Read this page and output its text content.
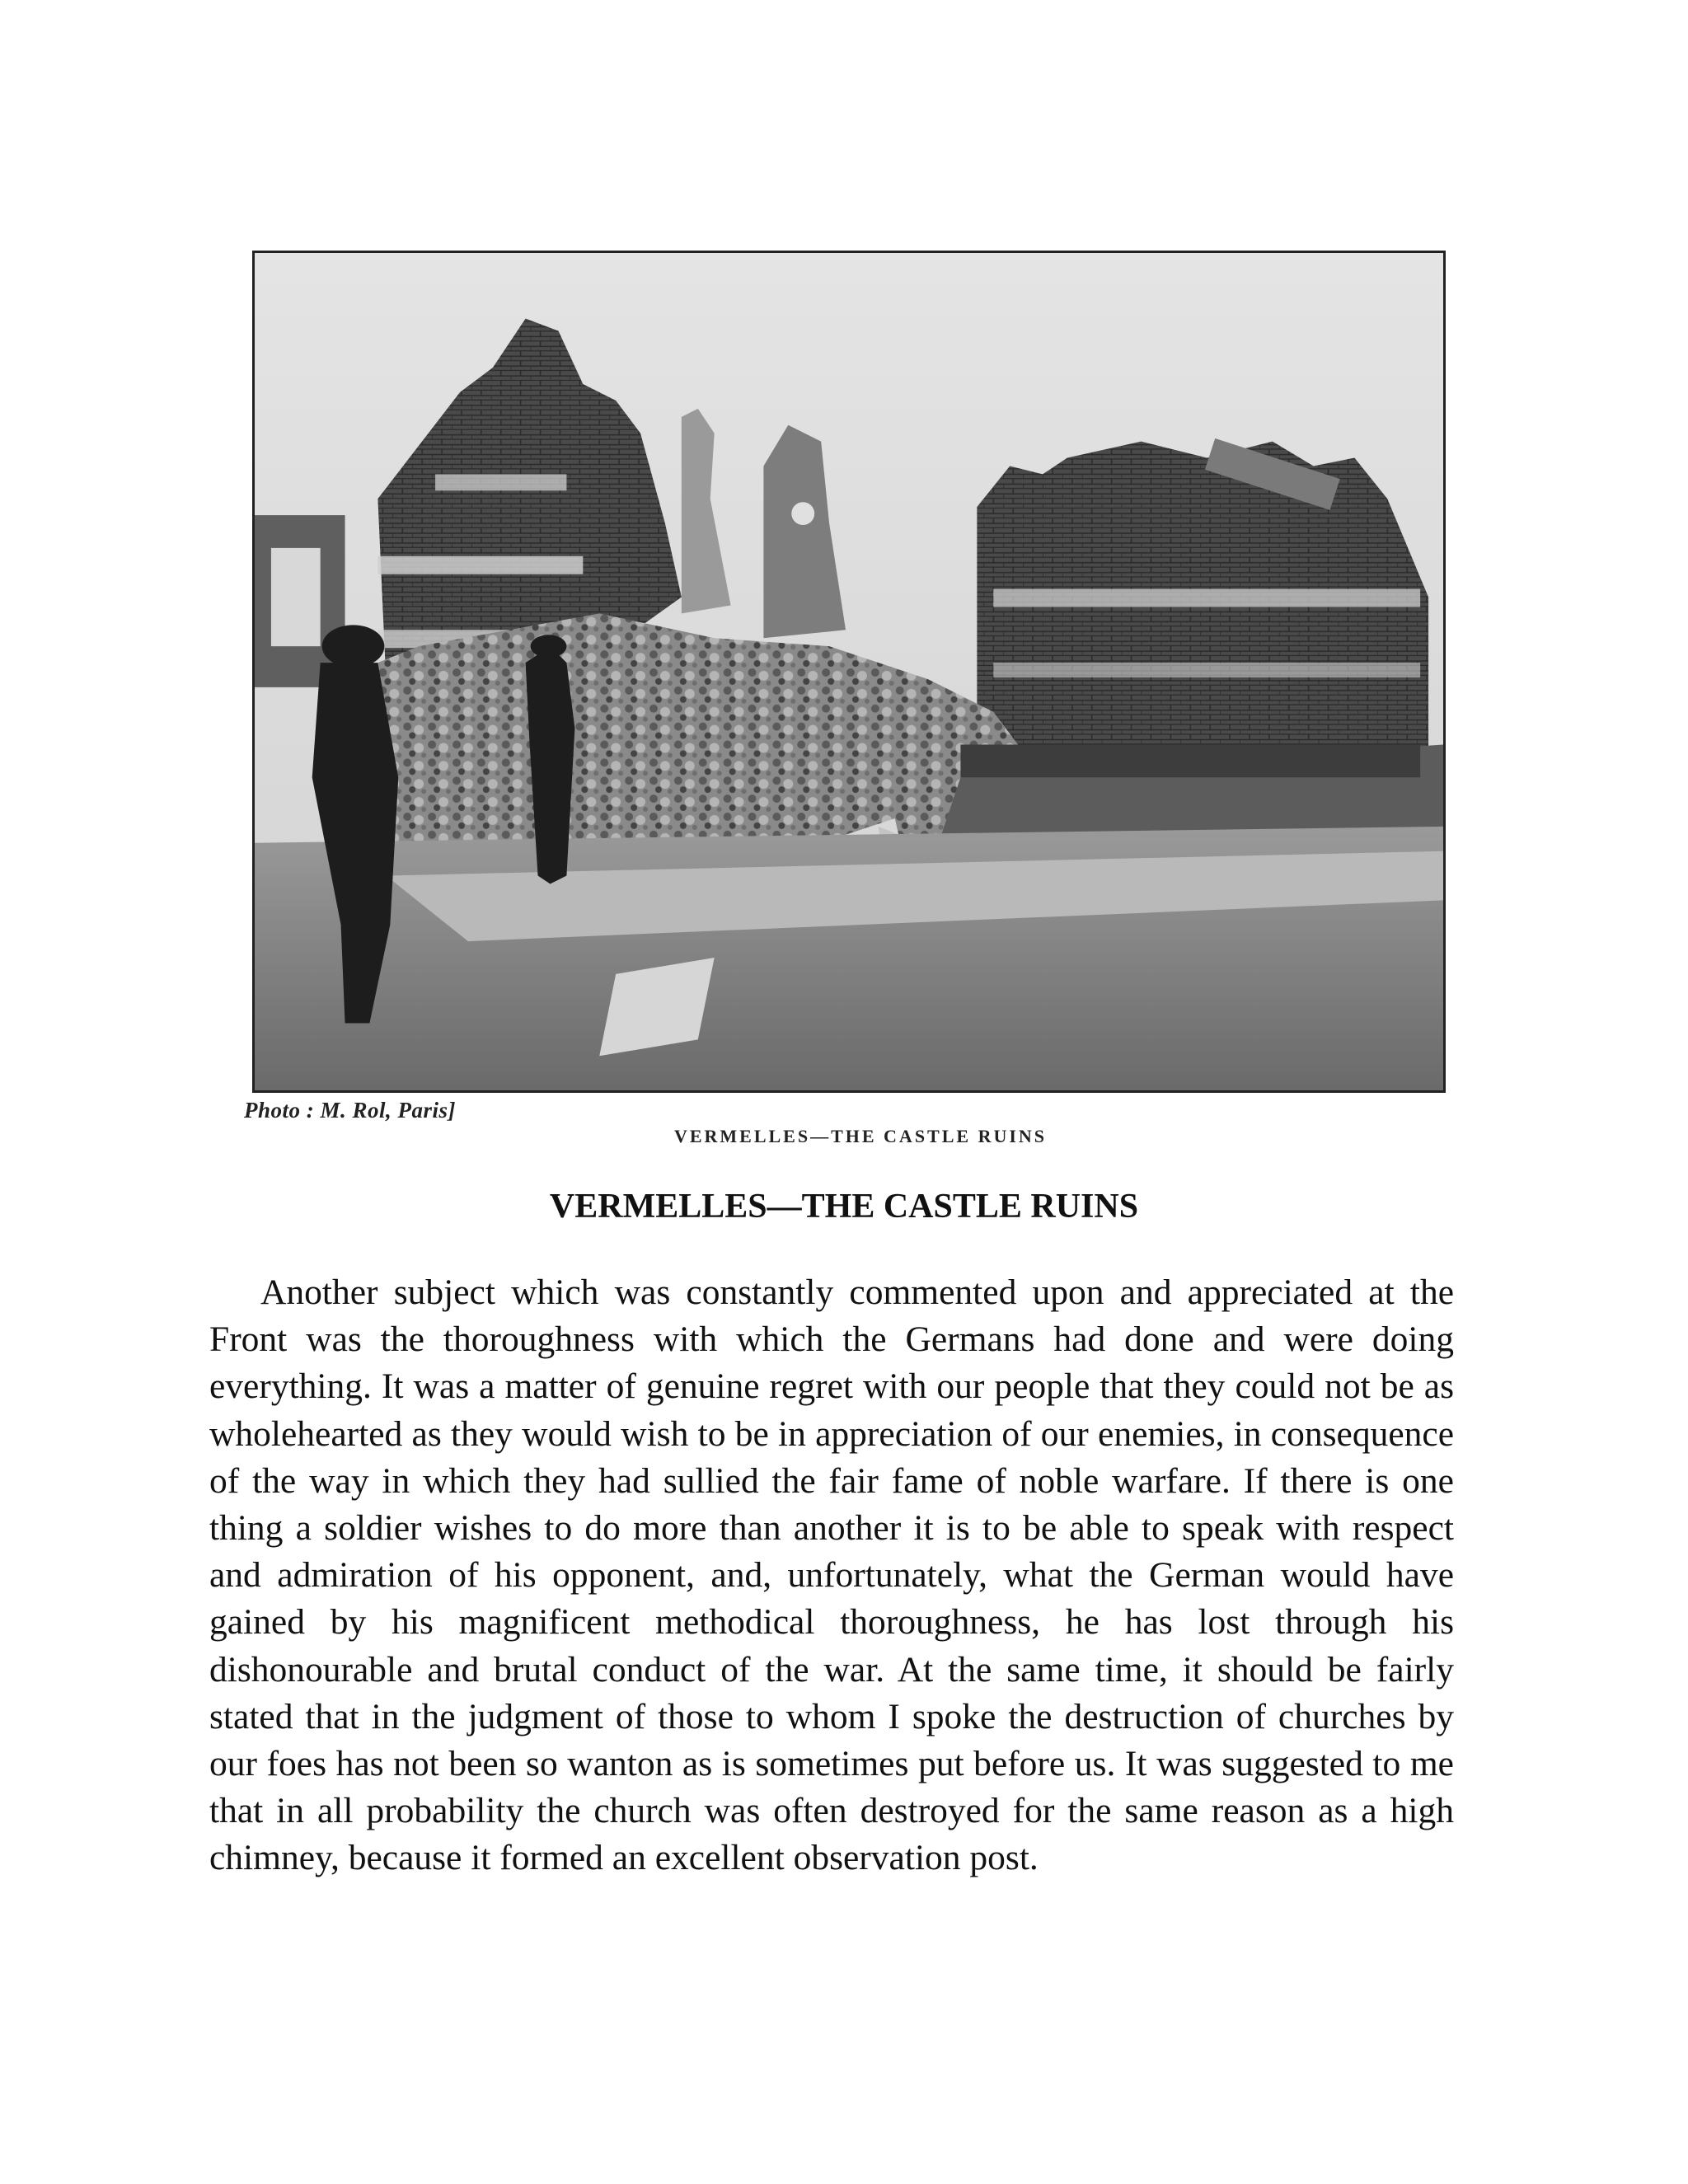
Photo : M. Rol, Paris]
VERMELLES—THE CASTLE RUINS
VERMELLES—THE CASTLE RUINS

Another subject which was constantly commented upon and appreciated at the Front was the thoroughness with which the Germans had done and were doing everything. It was a matter of genuine regret with our people that they could not be as wholehearted as they would wish to be in appreciation of our enemies, in consequence of the way in which they had sullied the fair fame of noble warfare. If there is one thing a soldier wishes to do more than another it is to be able to speak with respect and admiration of his opponent, and, unfortunately, what the German would have gained by his magnificent methodical thoroughness, he has lost through his dishonourable and brutal conduct of the war. At the same time, it should be fairly stated that in the judgment of those to whom I spoke the destruction of churches by our foes has not been so wanton as is sometimes put before us. It was suggested to me that in all probability the church was often destroyed for the same reason as a high chimney, because it formed an excellent observation post.
